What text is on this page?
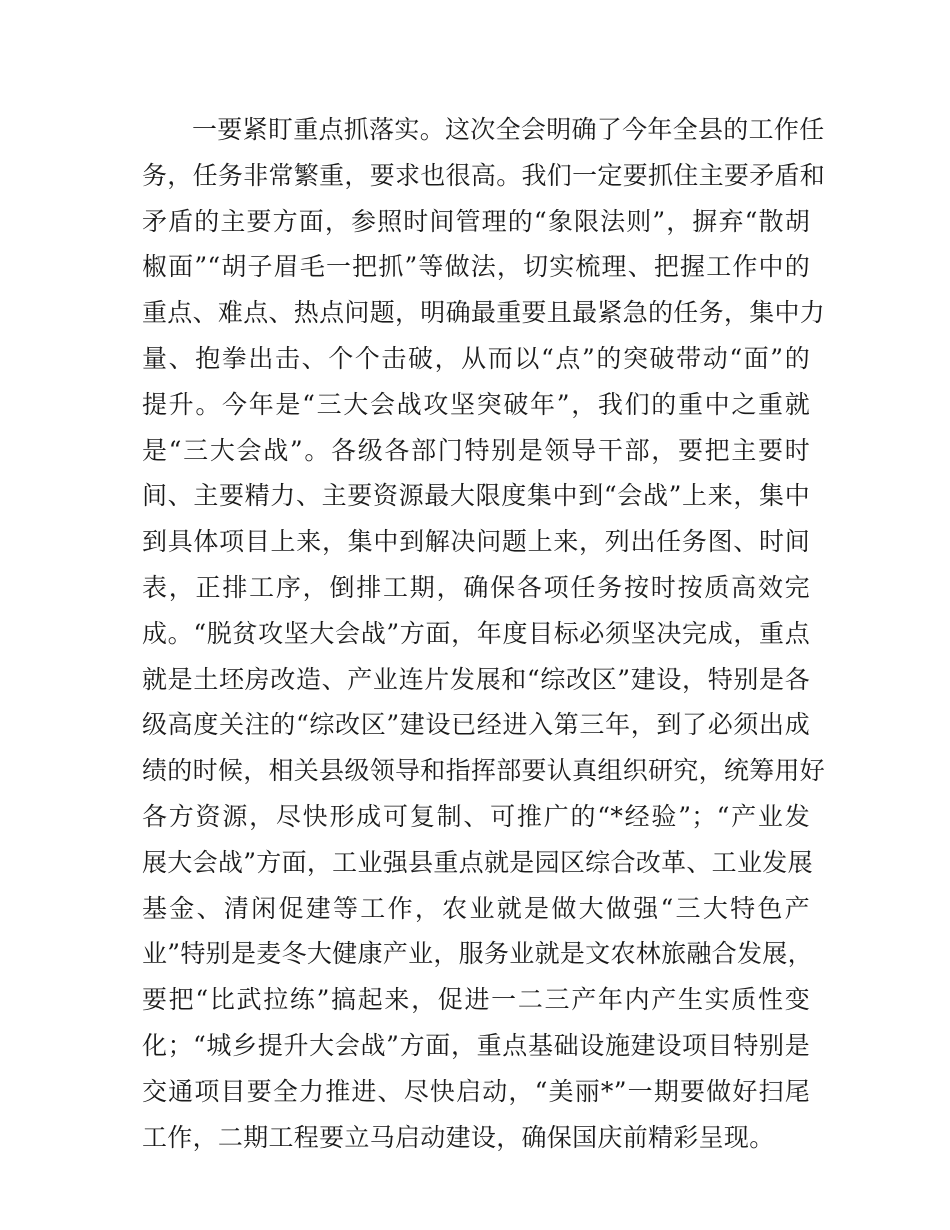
一要紧盯重点抓落实。这次全会明确了今年全县的工作任
务，任务非常繁重，要求也很高。我们一定要抓住主要矛盾和
矛盾的主要方面，参照时间管理的“象限法则”，摒弃“散胡
椒面”“胡子眉毛一把抓”等做法，切实梳理、把握工作中的
重点、难点、热点问题，明确最重要且最紧急的任务，集中力
量、抱拳出击、个个击破，从而以“点”的突破带动“面”的
提升。今年是“三大会战攻坚突破年”，我们的重中之重就
是“三大会战”。各级各部门特别是领导干部，要把主要时
间、主要精力、主要资源最大限度集中到“会战”上来，集中
到具体项目上来，集中到解决问题上来，列出任务图、时间
表，正排工序，倒排工期，确保各项任务按时按质高效完
成。“脱贫攻坚大会战”方面，年度目标必须坚决完成，重点
就是土坯房改造、产业连片发展和“综改区”建设，特别是各
级高度关注的“综改区”建设已经进入第三年，到了必须出成
绩的时候，相关县级领导和指挥部要认真组织研究，统筹用好
各方资源，尽快形成可复制、可推广的“*经验”；“产业发
展大会战”方面，工业强县重点就是园区综合改革、工业发展
基金、清闲促建等工作，农业就是做大做强“三大特色产
业”特别是麦冬大健康产业，服务业就是文农林旅融合发展，
要把“比武拉练”搞起来，促进一二三产年内产生实质性变
化；“城乡提升大会战”方面，重点基础设施建设项目特别是
交通项目要全力推进、尽快启动，“美丽*”一期要做好扫尾
工作，二期工程要立马启动建设，确保国庆前精彩呈现。
